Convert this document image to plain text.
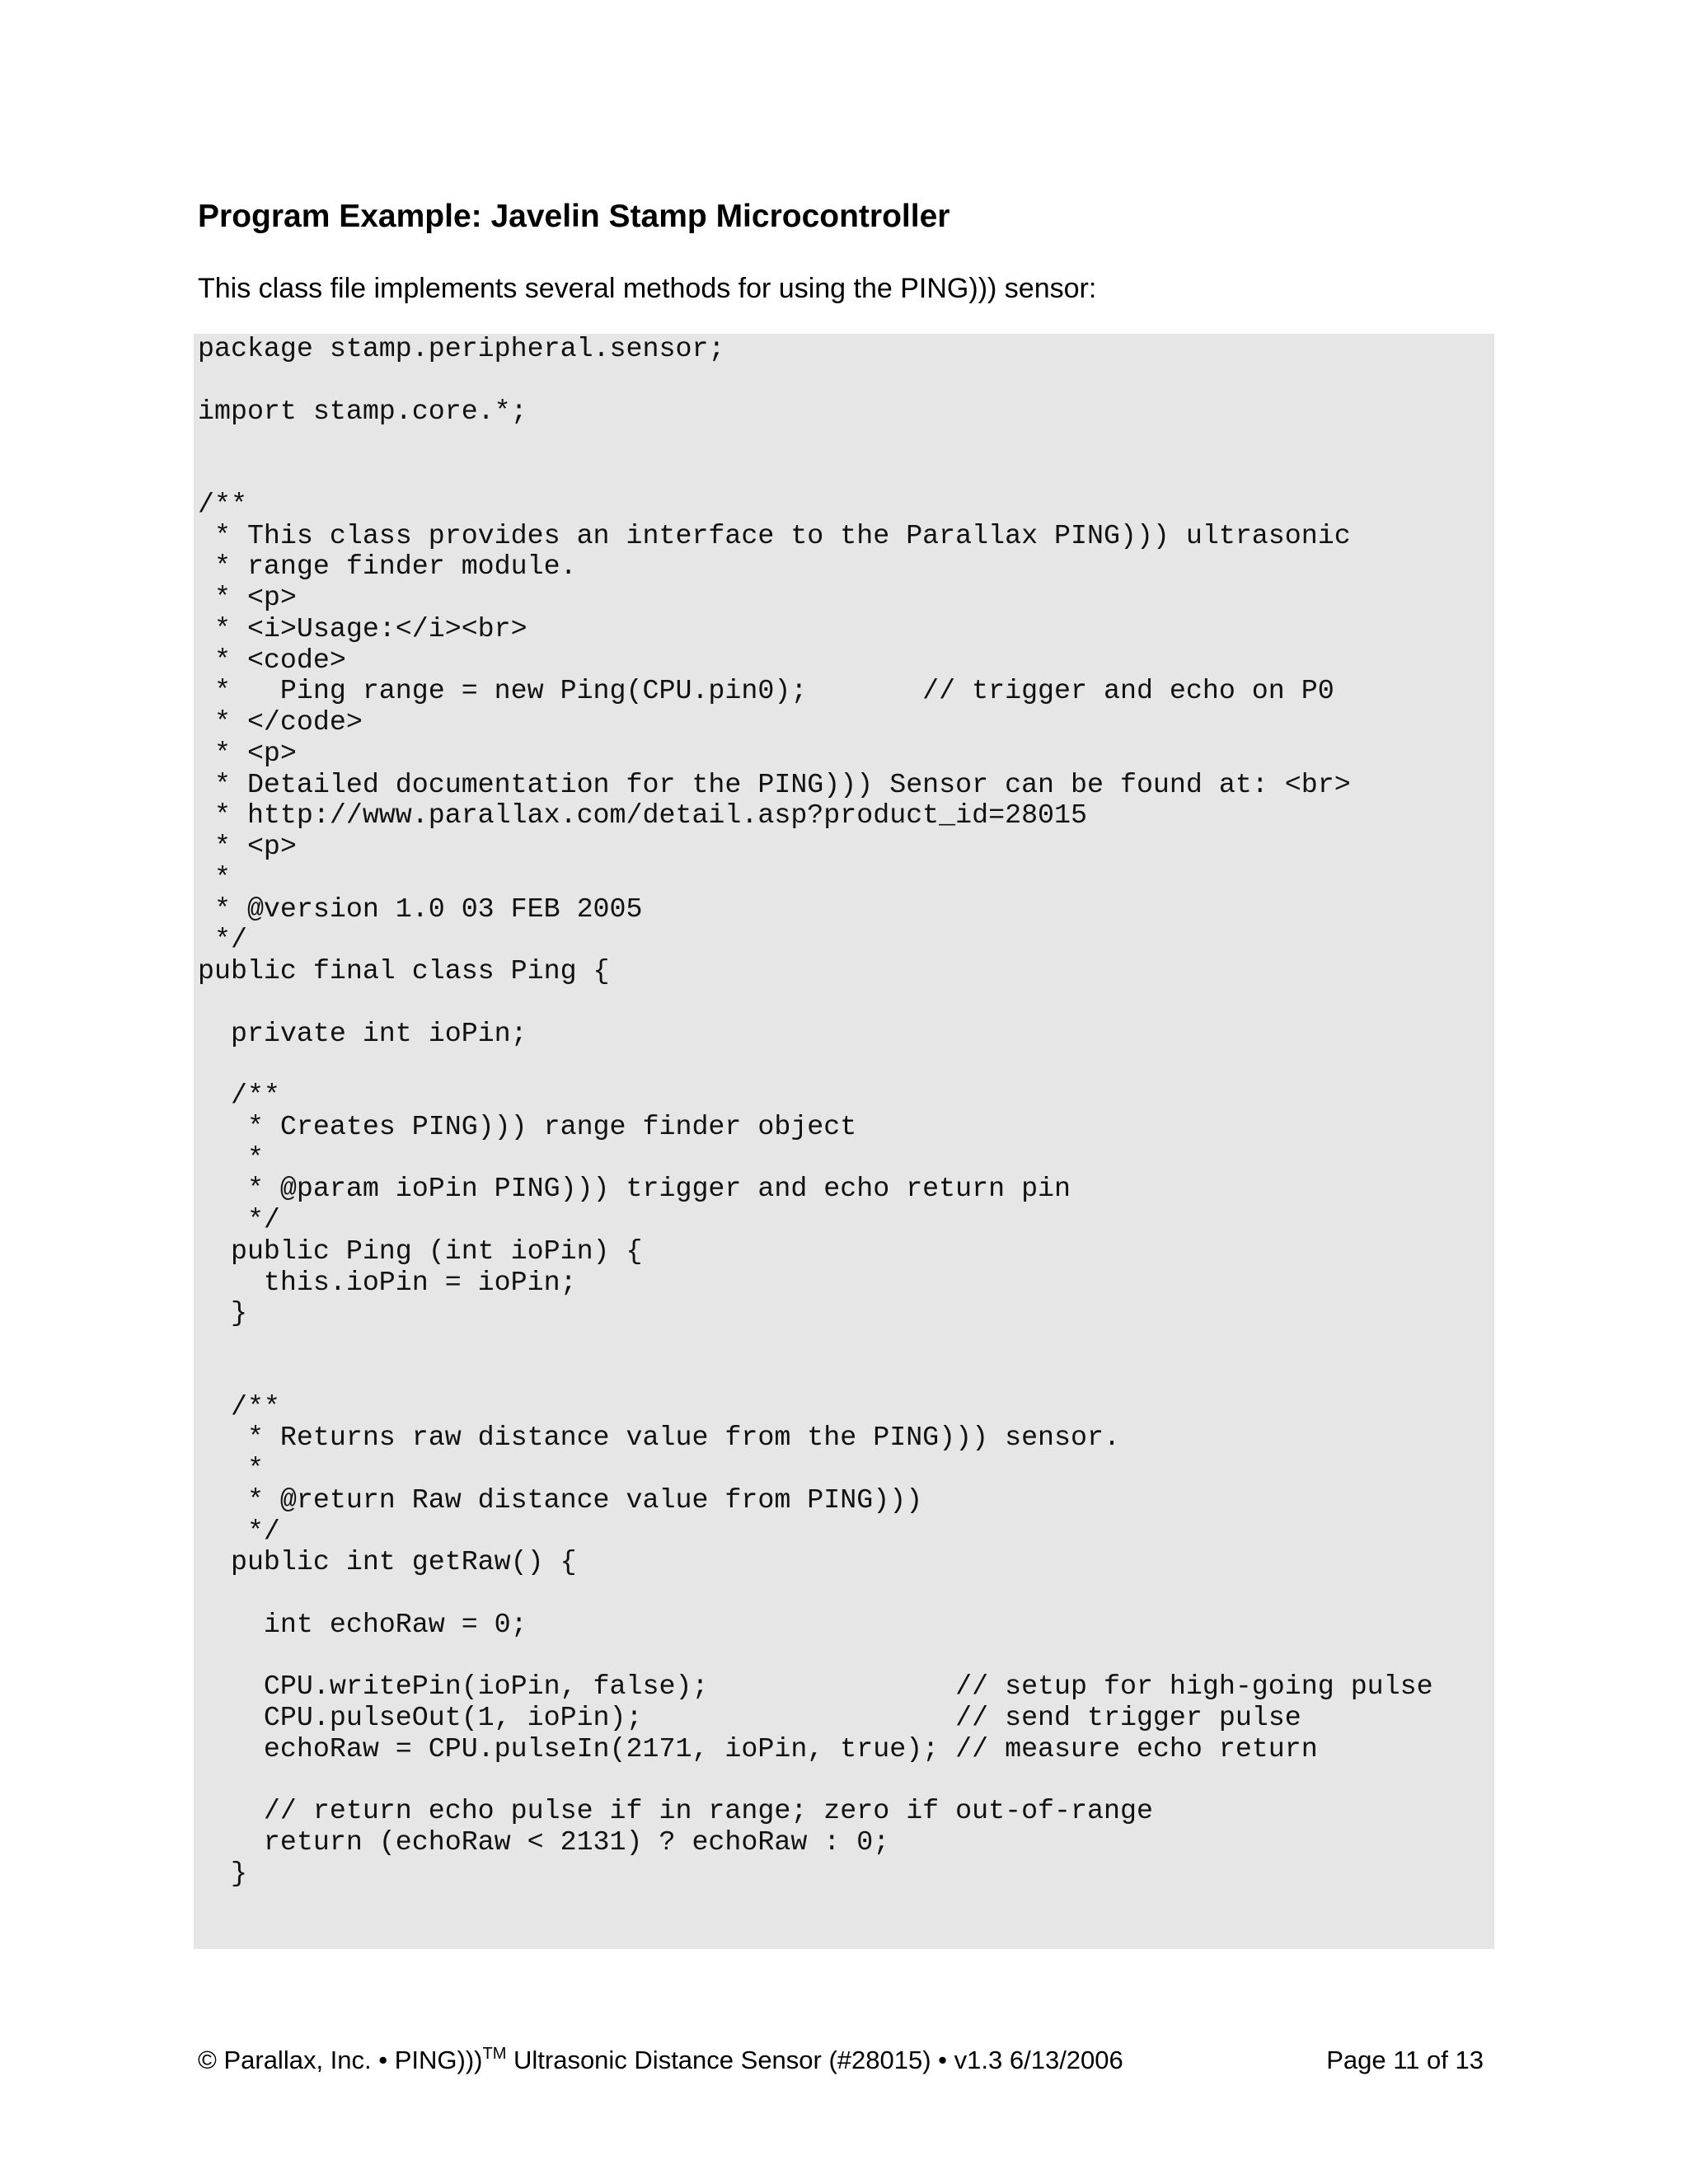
Program Example: Javelin Stamp Microcontroller

This class file implements several methods for using the PING))) sensor:

package stamp.peripheral.sensor;
import stamp.core.*;
/**
* This class provides an interface to the Parallax PING))) ultrasonic
* range finder module.
* <p>
* <i>Usage:</i><br>
* <code>
*   Ping range = new Ping(CPU.pin0);       // trigger and echo on P0
* </code>
* <p>
* Detailed documentation for the PING))) Sensor can be found at: <br>
* http://www.parallax.com/detail.asp?product_id=28015
* <p>
*
* @version 1.0 03 FEB 2005
*/
public final class Ping {
private int ioPin;
/**
* Creates PING))) range finder object
*
* @param ioPin PING))) trigger and echo return pin
*/
public Ping (int ioPin) {
this.ioPin = ioPin;
}
/**
* Returns raw distance value from the PING))) sensor.
*
* @return Raw distance value from PING)))
*/
public int getRaw() {
int echoRaw = 0;
CPU.writePin(ioPin, false);               // setup for high-going pulse
CPU.pulseOut(1, ioPin);                   // send trigger pulse
echoRaw = CPU.pulseIn(2171, ioPin, true); // measure echo return
// return echo pulse if in range; zero if out-of-range
return (echoRaw < 2131) ? echoRaw : 0;
}
© Parallax, Inc. • PING)))™ Ultrasonic Distance Sensor (#28015) • v1.3 6/13/2006	Page 11 of 13
